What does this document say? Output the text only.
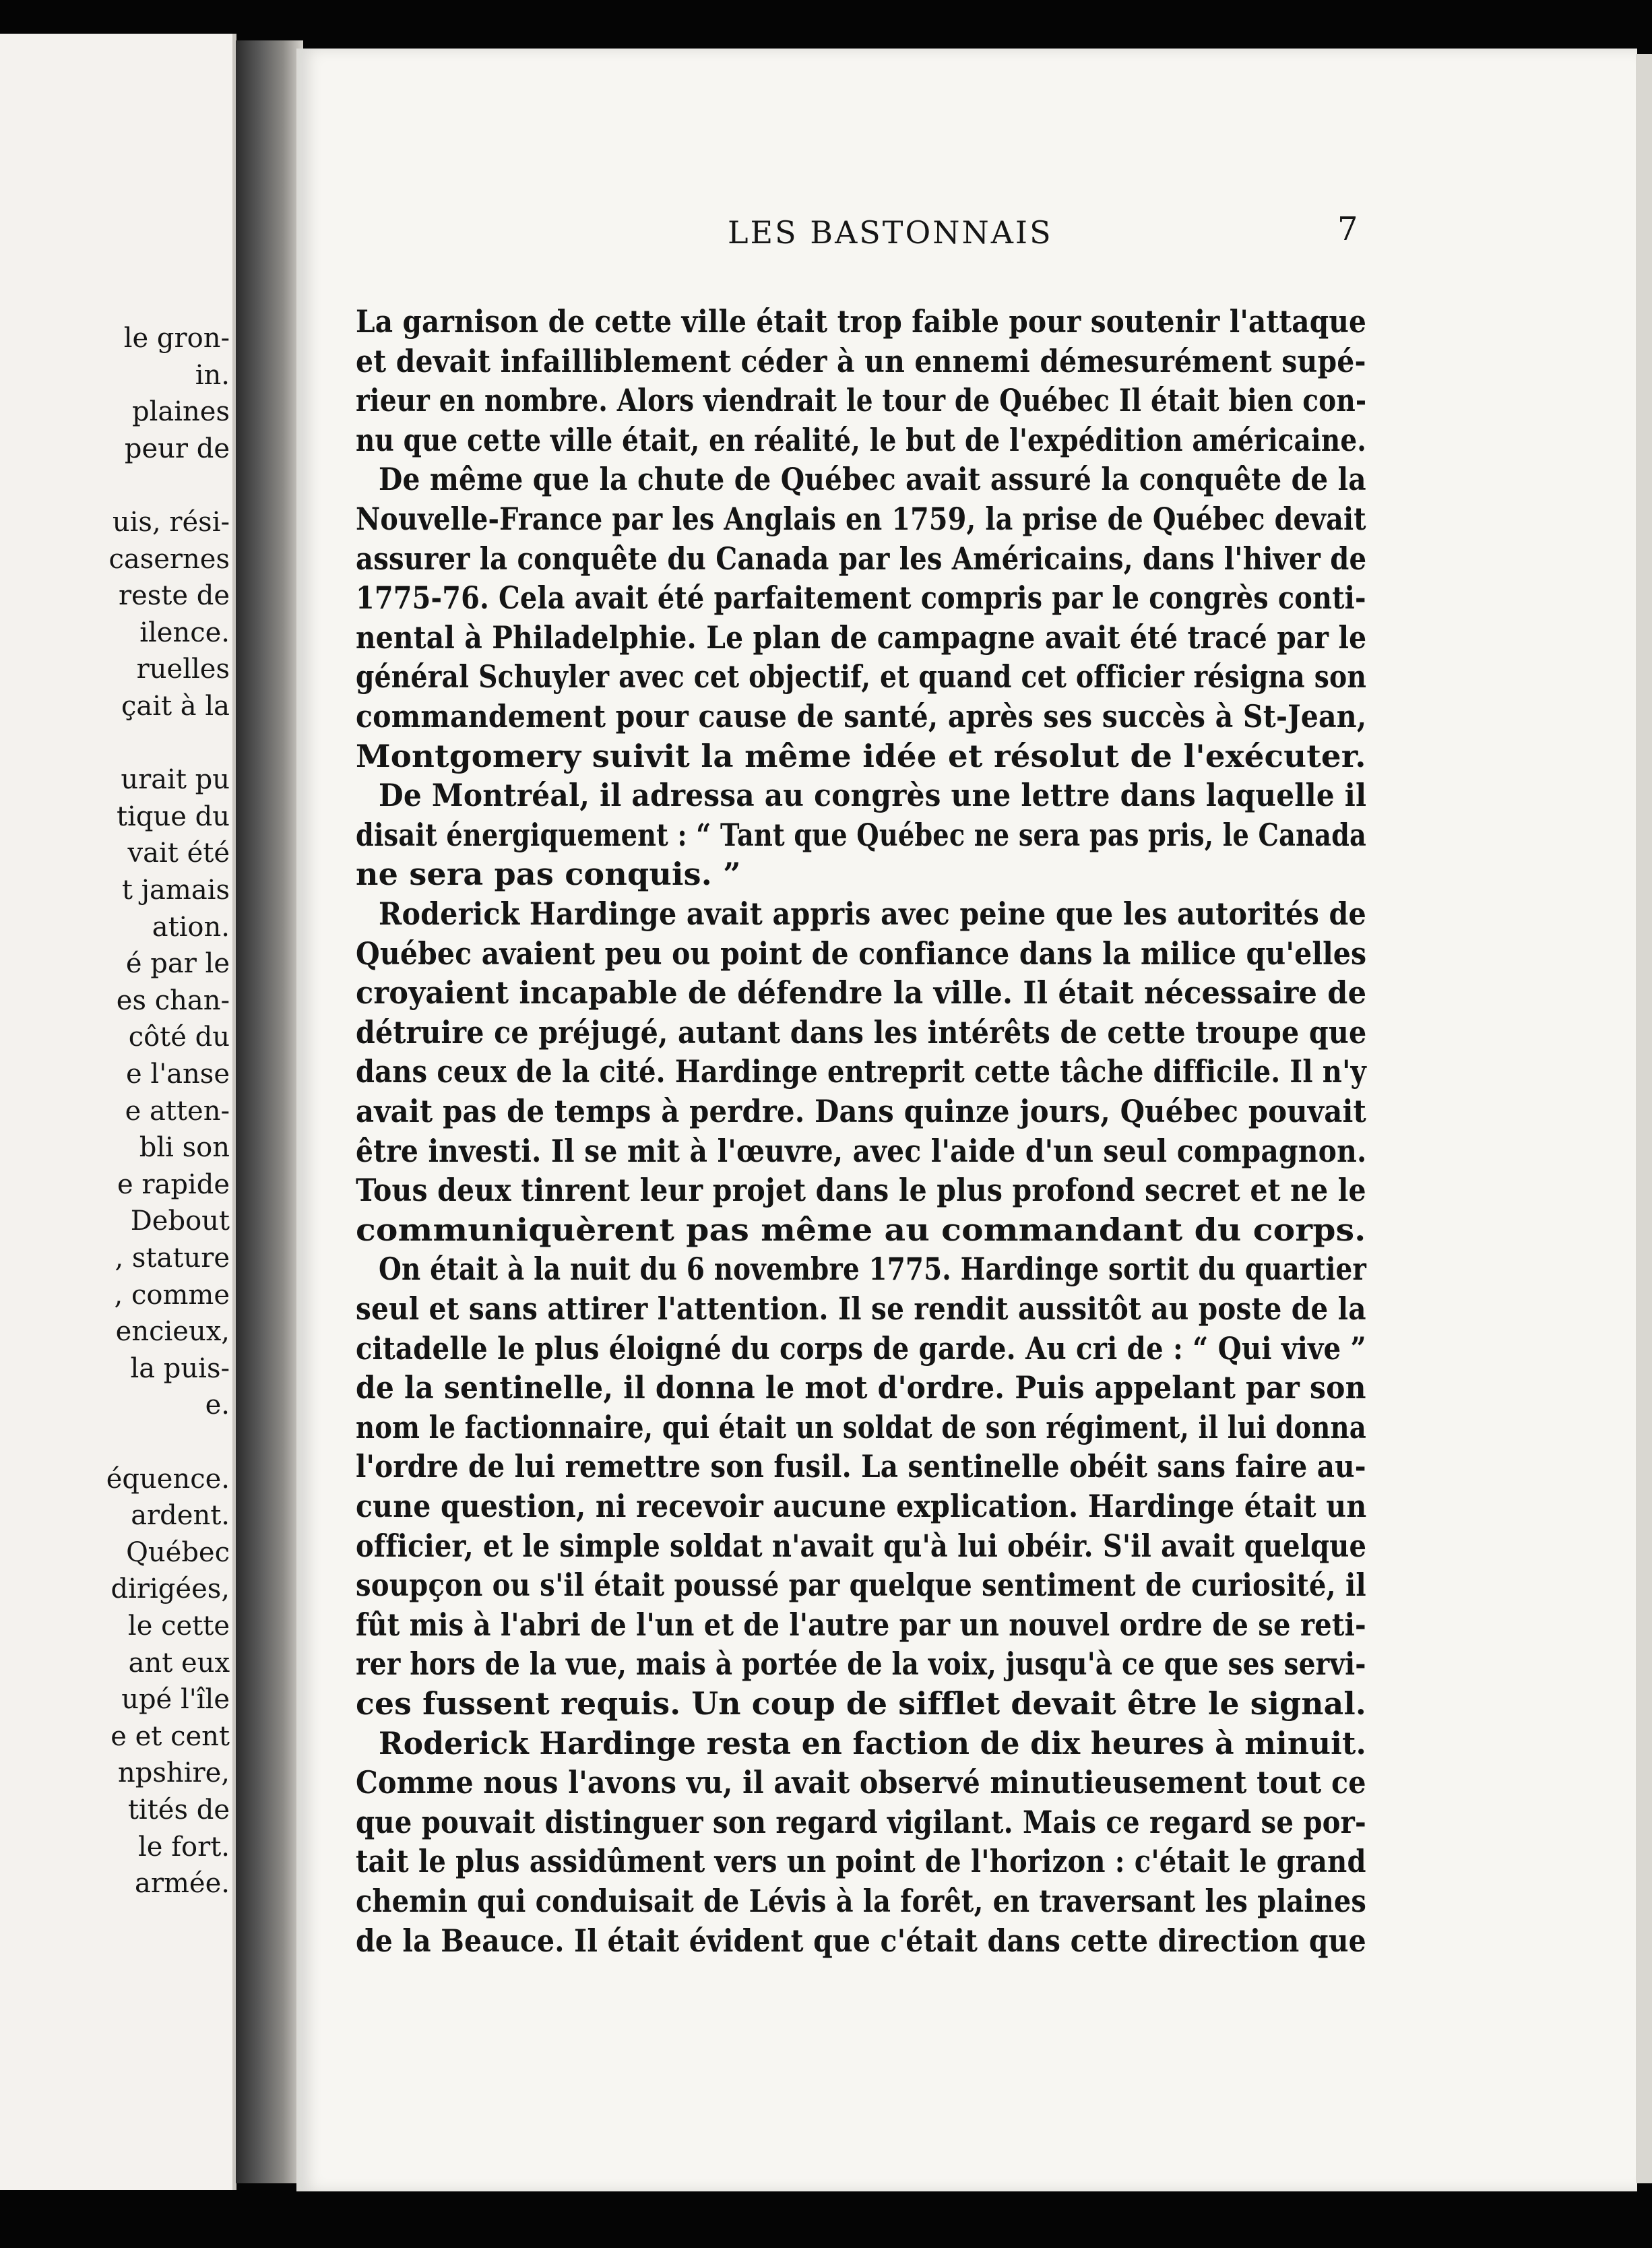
le gron-
in.
plaines
peur de
uis, rési-
casernes
reste de
ilence.
ruelles
çait à la
urait pu
tique du
vait été
t jamais
ation.
é par le
es chan-
côté du
e l'anse
e atten-
bli son
e rapide
Debout
, stature
, comme
encieux,
la puis-
e.
équence.
ardent.
Québec
dirigées,
le cette
ant eux
upé l'île
e et cent
npshire,
tités de
le fort.
armée.
LES BASTONNAIS	7
La garnison de cette ville était trop faible pour soutenir l'attaque
et devait infailliblement céder à un ennemi démesurément supé-
rieur en nombre. Alors viendrait le tour de Québec Il était bien con-
nu que cette ville était, en réalité, le but de l'expédition américaine.
De même que la chute de Québec avait assuré la conquête de la
Nouvelle-France par les Anglais en 1759, la prise de Québec devait
assurer la conquête du Canada par les Américains, dans l'hiver de
1775-76. Cela avait été parfaitement compris par le congrès conti-
nental à Philadelphie. Le plan de campagne avait été tracé par le
général Schuyler avec cet objectif, et quand cet officier résigna son
commandement pour cause de santé, après ses succès à St-Jean,
Montgomery suivit la même idée et résolut de l'exécuter.
De Montréal, il adressa au congrès une lettre dans laquelle il
disait énergiquement : “ Tant que Québec ne sera pas pris, le Canada
ne sera pas conquis. ”
Roderick Hardinge avait appris avec peine que les autorités de
Québec avaient peu ou point de confiance dans la milice qu'elles
croyaient incapable de défendre la ville. Il était nécessaire de
détruire ce préjugé, autant dans les intérêts de cette troupe que
dans ceux de la cité. Hardinge entreprit cette tâche difficile. Il n'y
avait pas de temps à perdre. Dans quinze jours, Québec pouvait
être investi. Il se mit à l'œuvre, avec l'aide d'un seul compagnon.
Tous deux tinrent leur projet dans le plus profond secret et ne le
communiquèrent pas même au commandant du corps.
On était à la nuit du 6 novembre 1775. Hardinge sortit du quartier
seul et sans attirer l'attention. Il se rendit aussitôt au poste de la
citadelle le plus éloigné du corps de garde. Au cri de : “ Qui vive ”
de la sentinelle, il donna le mot d'ordre. Puis appelant par son
nom le factionnaire, qui était un soldat de son régiment, il lui donna
l'ordre de lui remettre son fusil. La sentinelle obéit sans faire au-
cune question, ni recevoir aucune explication. Hardinge était un
officier, et le simple soldat n'avait qu'à lui obéir. S'il avait quelque
soupçon ou s'il était poussé par quelque sentiment de curiosité, il
fût mis à l'abri de l'un et de l'autre par un nouvel ordre de se reti-
rer hors de la vue, mais à portée de la voix, jusqu'à ce que ses servi-
ces fussent requis. Un coup de sifflet devait être le signal.
Roderick Hardinge resta en faction de dix heures à minuit.
Comme nous l'avons vu, il avait observé minutieusement tout ce
que pouvait distinguer son regard vigilant. Mais ce regard se por-
tait le plus assidûment vers un point de l'horizon : c'était le grand
chemin qui conduisait de Lévis à la forêt, en traversant les plaines
de la Beauce. Il était évident que c'était dans cette direction que
